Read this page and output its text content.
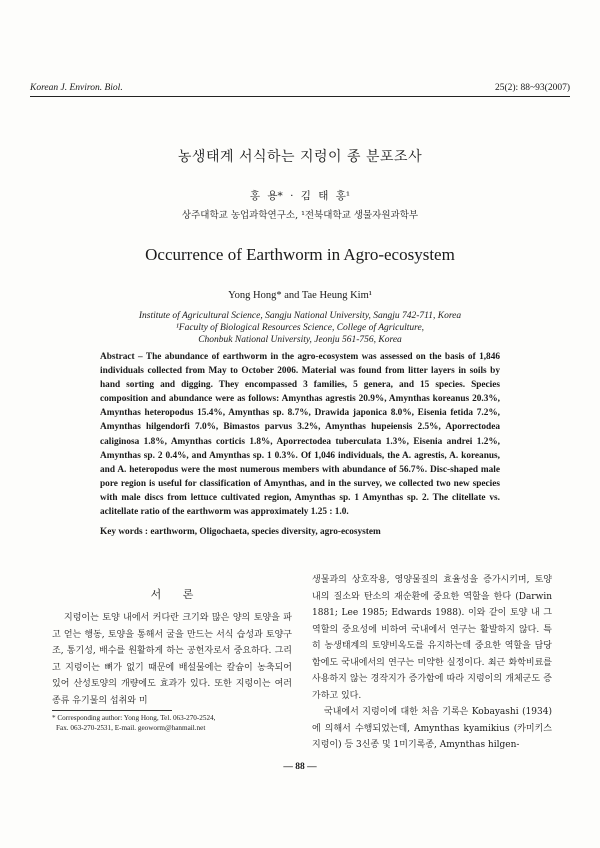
Korean J. Environ. Biol.	25(2): 88~93(2007)
농생태계 서식하는 지렁이 종 분포조사
홍 용* · 김 태 홍¹
상주대학교 농업과학연구소, ¹전북대학교 생물자원과학부
Occurrence of Earthworm in Agro-ecosystem
Yong Hong* and Tae Heung Kim¹
Institute of Agricultural Science, Sangju National University, Sangju 742-711, Korea
¹Faculty of Biological Resources Science, College of Agriculture,
Chonbuk National University, Jeonju 561-756, Korea
Abstract – The abundance of earthworm in the agro-ecosystem was assessed on the basis of 1,846 individuals collected from May to October 2006. Material was found from litter layers in soils by hand sorting and digging. They encompassed 3 families, 5 genera, and 15 species. Species composition and abundance were as follows: Amynthas agrestis 20.9%, Amynthas koreanus 20.3%, Amynthas heteropodus 15.4%, Amynthas sp. 8.7%, Drawida japonica 8.0%, Eisenia fetida 7.2%, Amynthas hilgendorfi 7.0%, Bimastos parvus 3.2%, Amynthas hupeiensis 2.5%, Aporrectodea caliginosa 1.8%, Amynthas corticis 1.8%, Aporrectodea tuberculata 1.3%, Eisenia andrei 1.2%, Amynthas sp. 2 0.4%, and Amynthas sp. 1 0.3%. Of 1,046 individuals, the A. agrestis, A. koreanus, and A. heteropodus were the most numerous members with abundance of 56.7%. Disc-shaped male pore region is useful for classification of Amynthas, and in the survey, we collected two new species with male discs from lettuce cultivated region, Amynthas sp. 1 Amynthas sp. 2. The clitellate vs. aclitellate ratio of the earthworm was approximately 1.25 : 1.0.
Key words : earthworm, Oligochaeta, species diversity, agro-ecosystem
서 론

지렁이는 토양 내에서 커다란 크기와 많은 양의 토양을 파고 얻는 행동, 토양을 통해서 굴을 만드는 서식 습성과 토양구조, 통기성, 배수를 원활하게 하는 공헌자로서 중요하다. 그리고 지렁이는 뼈가 없기 때문에 배설물에는 칼슘이 농축되어 있어 산성토양의 개량에도 효과가 있다. 또한 지렁이는 여러 종류 유기물의 섭취와 미

생물과의 상호작용, 영양물질의 효율성을 증가시키며, 토양 내의 질소와 탄소의 재순환에 중요한 역할을 한다 (Darwin 1881; Lee 1985; Edwards 1988). 이와 같이 토양 내 그 역할의 중요성에 비하여 국내에서 연구는 활발하지 않다. 특히 농생태계의 토양비옥도를 유지하는데 중요한 역할을 담당함에도 국내에서의 연구는 미약한 실정이다. 최근 화학비료를 사용하지 않는 경작지가 증가함에 따라 지렁이의 개체군도 증가하고 있다.

국내에서 지렁이에 대한 처음 기록은 Kobayashi (1934)에 의해서 수행되었는데, Amynthas kyamikius (카미키스지렁이) 등 3신종 및 1미기록종, Amynthas hilgen-

* Corresponding author: Yong Hong, Tel. 063-270-2524,
Fax. 063-270-2531, E-mail. geoworm@hanmail.net
— 88 —
